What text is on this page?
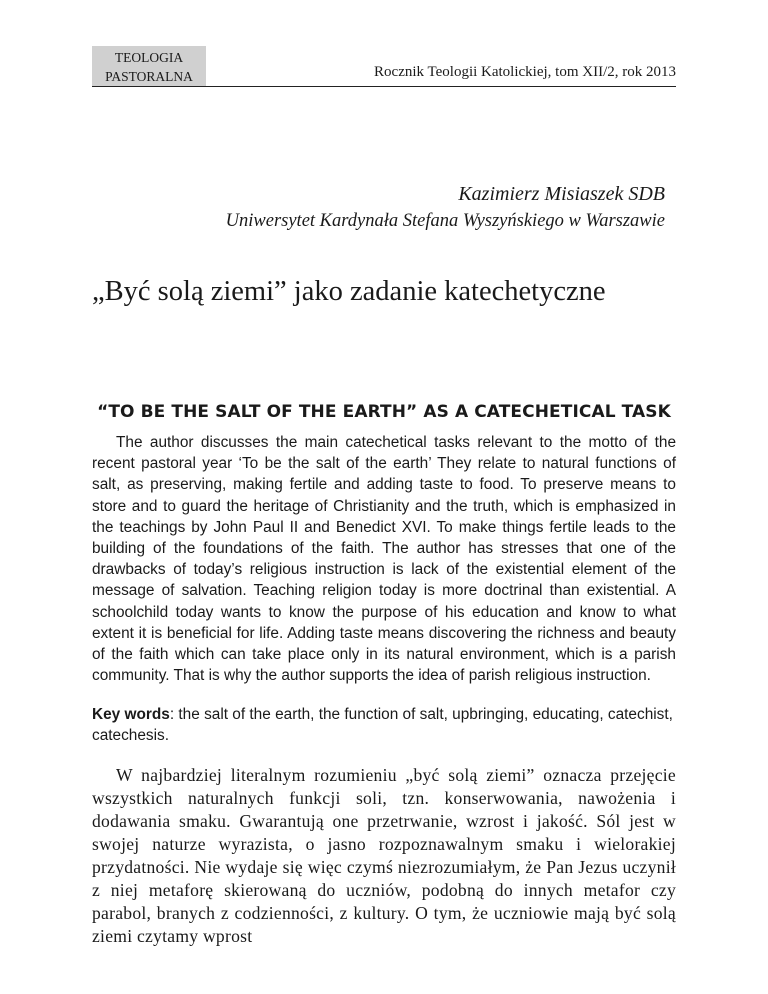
TEOLOGIA
PASTORALNA	Rocznik Teologii Katolickiej, tom XII/2, rok 2013
Kazimierz Misiaszek SDB
Uniwersytet Kardynała Stefana Wyszyńskiego w Warszawie
„Być solą ziemi” jako zadanie katechetyczne
“TO BE THE SALT OF THE EARTH” AS A CATECHETICAL TASK

The author discusses the main catechetical tasks relevant to the motto of the recent pastoral year ‘To be the salt of the earth’ They relate to natural functions of salt, as preserving, making fertile and adding taste to food. To preserve means to store and to guard the heritage of Christianity and the truth, which is emphasized in the teachings by John Paul II and Benedict XVI. To make things fertile leads to the building of the foundations of the faith. The author has stresses that one of the drawbacks of today’s religious instruction is lack of the existential element of the message of salvation. Teaching religion today is more doctrinal than existential. A schoolchild today wants to know the purpose of his education and know to what extent it is beneficial for life. Adding taste means discovering the richness and beauty of the faith which can take place only in its natural environment, which is a parish community. That is why the author supports the idea of parish religious instruction.

Key words: the salt of the earth, the function of salt, upbringing, educating, catechist, catechesis.

W najbardziej literalnym rozumieniu „być solą ziemi” oznacza przejęcie wszystkich naturalnych funkcji soli, tzn. konserwowania, nawożenia i dodawania smaku. Gwarantują one przetrwanie, wzrost i jakość. Sól jest w swojej naturze wyrazista, o jasno rozpoznawalnym smaku i wielorakiej przydatności. Nie wydaje się więc czymś niezrozumiałym, że Pan Jezus uczynił z niej metaforę skierowaną do uczniów, podobną do innych metafor czy parabol, branych z codzienności, z kultury. O tym, że uczniowie mają być solą ziemi czytamy wprost
